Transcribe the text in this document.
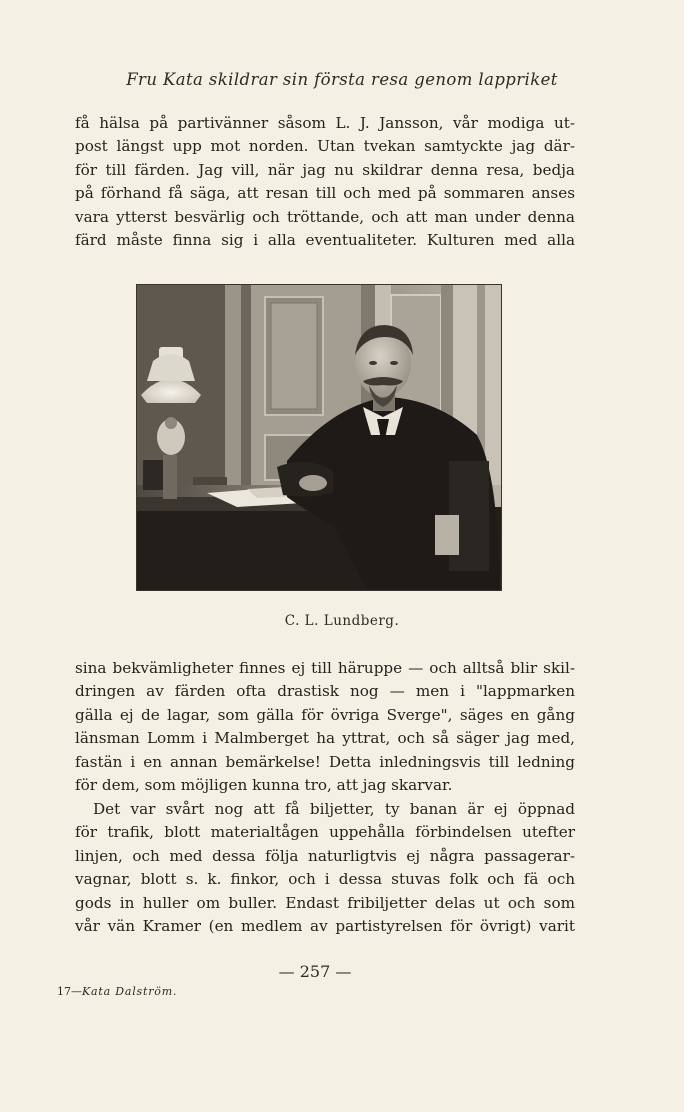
Fru Kata skildrar sin första resa genom lappriket
få hälsa på partivänner såsom L. J. Jansson, vår modiga ut-
post längst upp mot norden. Utan tvekan samtyckte jag där-
för till färden. Jag vill, när jag nu skildrar denna resa, bedja
på förhand få säga, att resan till och med på sommaren anses
vara ytterst besvärlig och tröttande, och att man under denna
färd måste finna sig i alla eventualiteter. Kulturen med alla
C. L. Lundberg.
sina bekvämligheter finnes ej till häruppe — och alltså blir skil-
dringen av färden ofta drastisk nog — men i "lappmarken
gälla ej de lagar, som gälla för övriga Sverge", säges en gång
länsman Lomm i Malmberget ha yttrat, och så säger jag med,
fastän i en annan bemärkelse! Detta inledningsvis till ledning
för dem, som möjligen kunna tro, att jag skarvar.
Det var svårt nog att få biljetter, ty banan är ej öppnad
för trafik, blott materialtågen uppehålla förbindelsen utefter
linjen, och med dessa följa naturligtvis ej några passagerar-
vagnar, blott s. k. finkor, och i dessa stuvas folk och fä och
gods in huller om buller. Endast fribiljetter delas ut och som
vår vän Kramer (en medlem av partistyrelsen för övrigt) varit
— 257 —
17—Kata Dalström.
